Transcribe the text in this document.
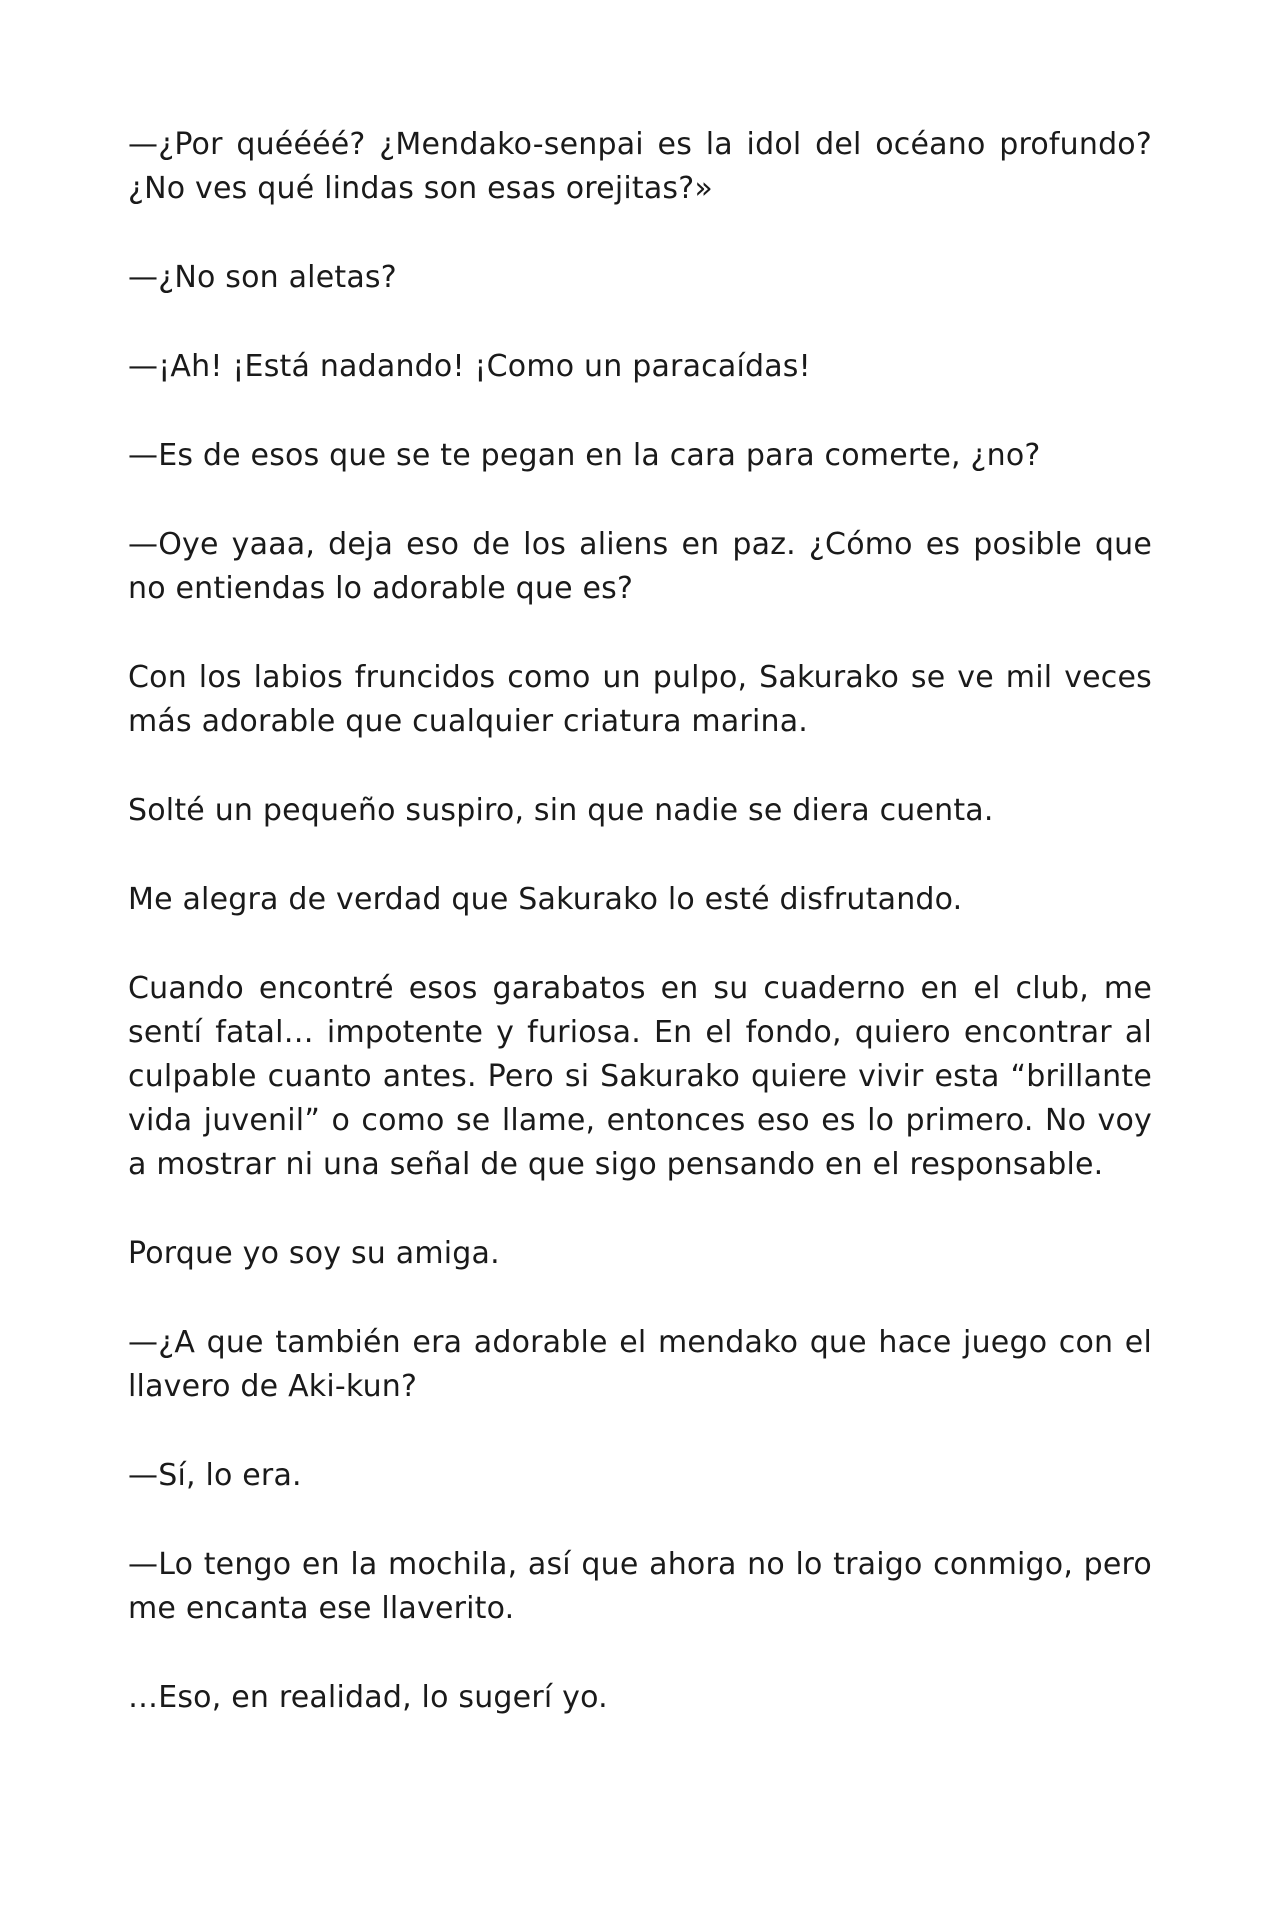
—¿Por quéééé? ¿Mendako-senpai es la idol del océano profundo? ¿No ves qué lindas son esas orejitas?»

—¿No son aletas?

—¡Ah! ¡Está nadando! ¡Como un paracaídas!

—Es de esos que se te pegan en la cara para comerte, ¿no?

—Oye yaaa, deja eso de los aliens en paz. ¿Cómo es posible que no entiendas lo adorable que es?

Con los labios fruncidos como un pulpo, Sakurako se ve mil veces más adorable que cualquier criatura marina.

Solté un pequeño suspiro, sin que nadie se diera cuenta.

Me alegra de verdad que Sakurako lo esté disfrutando.

Cuando encontré esos garabatos en su cuaderno en el club, me sentí fatal… impotente y furiosa. En el fondo, quiero encontrar al culpable cuanto antes. Pero si Sakurako quiere vivir esta “brillante vida juvenil” o como se llame, entonces eso es lo primero. No voy a mostrar ni una señal de que sigo pensando en el responsable.

Porque yo soy su amiga.

—¿A que también era adorable el mendako que hace juego con el llavero de Aki-kun?

—Sí, lo era.

—Lo tengo en la mochila, así que ahora no lo traigo conmigo, pero me encanta ese llaverito.

…Eso, en realidad, lo sugerí yo.
